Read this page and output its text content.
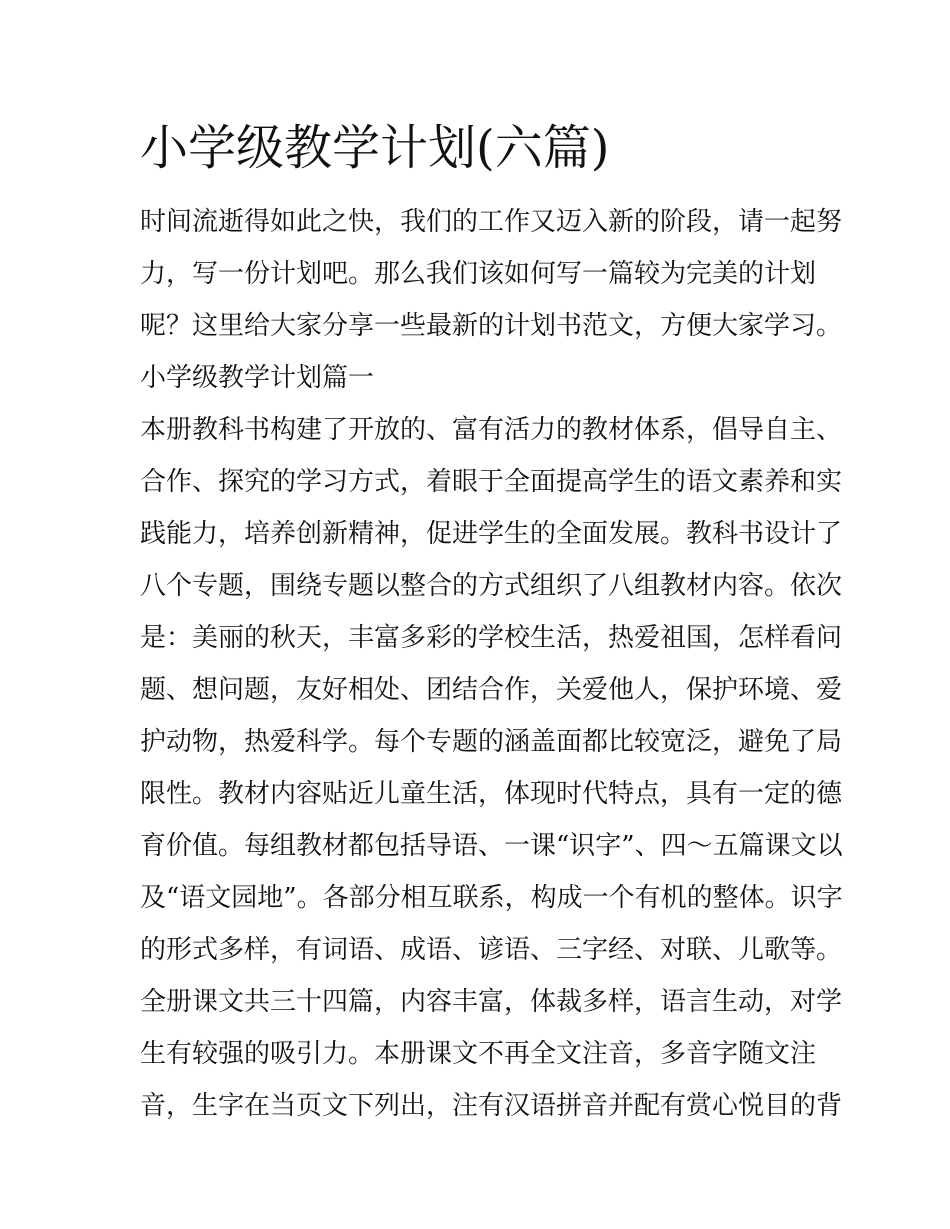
小学级教学计划(六篇)
时间流逝得如此之快，我们的工作又迈入新的阶段，请一起努
力，写一份计划吧。那么我们该如何写一篇较为完美的计划
呢？这里给大家分享一些最新的计划书范文，方便大家学习。
小学级教学计划篇一
本册教科书构建了开放的、富有活力的教材体系，倡导自主、
合作、探究的学习方式，着眼于全面提高学生的语文素养和实
践能力，培养创新精神，促进学生的全面发展。教科书设计了
八个专题，围绕专题以整合的方式组织了八组教材内容。依次
是：美丽的秋天，丰富多彩的学校生活，热爱祖国，怎样看问
题、想问题，友好相处、团结合作，关爱他人，保护环境、爱
护动物，热爱科学。每个专题的涵盖面都比较宽泛，避免了局
限性。教材内容贴近儿童生活，体现时代特点，具有一定的德
育价值。每组教材都包括导语、一课“识字”、四～五篇课文以
及“语文园地”。各部分相互联系，构成一个有机的整体。识字
的形式多样，有词语、成语、谚语、三字经、对联、儿歌等。
全册课文共三十四篇，内容丰富，体裁多样，语言生动，对学
生有较强的吸引力。本册课文不再全文注音，多音字随文注
音，生字在当页文下列出，注有汉语拼音并配有赏心悦目的背
